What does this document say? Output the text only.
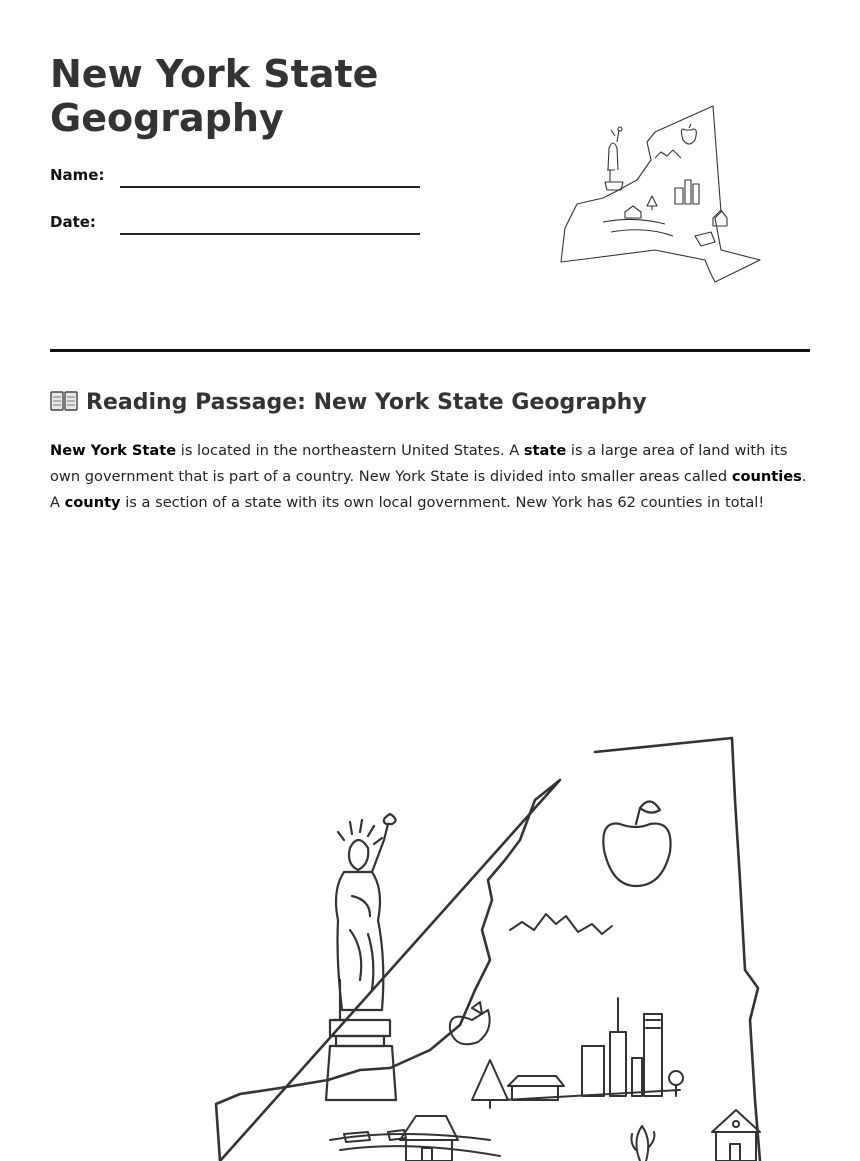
New York State
Geography
Name:
Date:
Reading Passage: New York State Geography

New York State is located in the northeastern United States. A state is a large area of land with its own government that is part of a country. New York State is divided into smaller areas called counties. A county is a section of a state with its own local government. New York has 62 counties in total!
